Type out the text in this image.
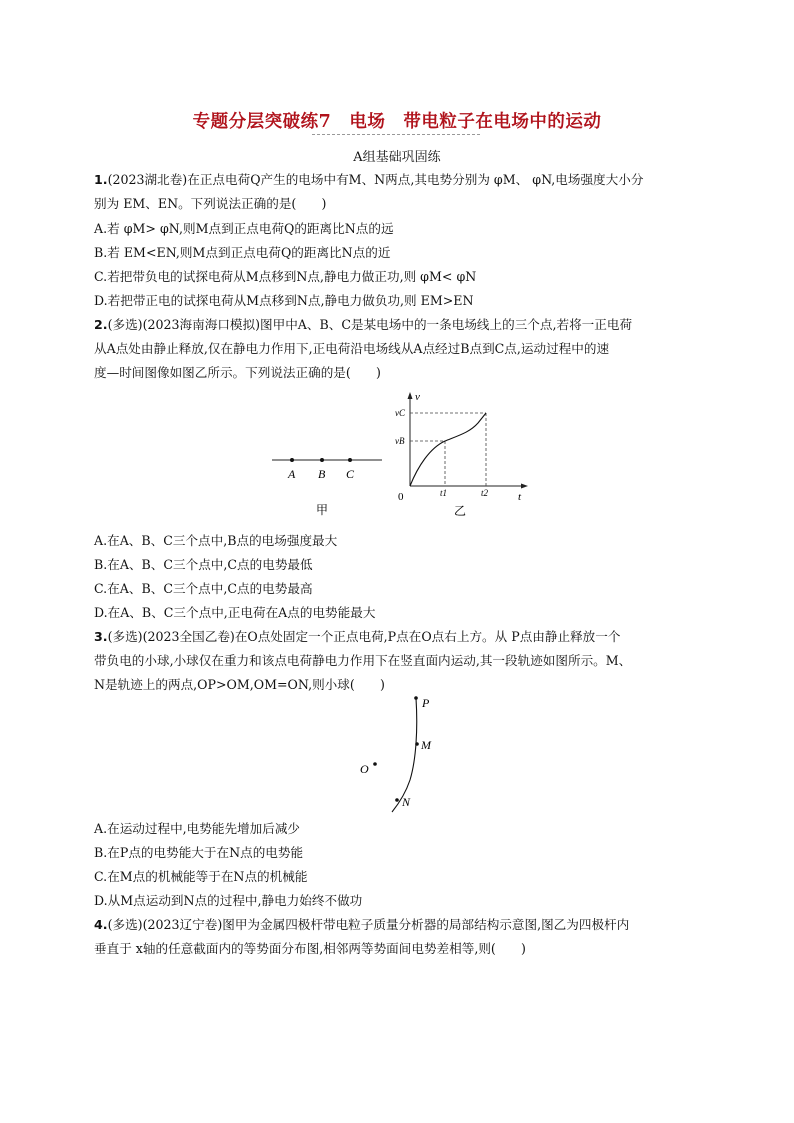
专题分层突破练7　电场　带电粒子在电场中的运动
A组基础巩固练
1.(2023湖北卷)在正点电荷Q产生的电场中有M、N两点,其电势分别为 φM、 φN,电场强度大小分
别为 EM、EN。下列说法正确的是(　　)
A.若 φM> φN,则M点到正点电荷Q的距离比N点的远
B.若 EM<EN,则M点到正点电荷Q的距离比N点的近
C.若把带负电的试探电荷从M点移到N点,静电力做正功,则 φM< φN
D.若把带正电的试探电荷从M点移到N点,静电力做负功,则 EM>EN
2.(多选)(2023海南海口模拟)图甲中A、B、C是某电场中的一条电场线上的三个点,若将一正电荷
从A点处由静止释放,仅在静电力作用下,正电荷沿电场线从A点经过B点到C点,运动过程中的速
度—时间图像如图乙所示。下列说法正确的是(　　)
A B C
甲
v
t
0
vC
vB
t1	t2
乙
A.在A、B、C三个点中,B点的电场强度最大
B.在A、B、C三个点中,C点的电势最低
C.在A、B、C三个点中,C点的电势最高
D.在A、B、C三个点中,正电荷在A点的电势能最大
3.(多选)(2023全国乙卷)在O点处固定一个正点电荷,P点在O点右上方。从 P点由静止释放一个
带负电的小球,小球仅在重力和该点电荷静电力作用下在竖直面内运动,其一段轨迹如图所示。M、
N是轨迹上的两点,OP>OM,OM=ON,则小球(　　)
P
M
O
N
A.在运动过程中,电势能先增加后减少
B.在P点的电势能大于在N点的电势能
C.在M点的机械能等于在N点的机械能
D.从M点运动到N点的过程中,静电力始终不做功
4.(多选)(2023辽宁卷)图甲为金属四极杆带电粒子质量分析器的局部结构示意图,图乙为四极杆内
垂直于 x轴的任意截面内的等势面分布图,相邻两等势面间电势差相等,则(　　)
